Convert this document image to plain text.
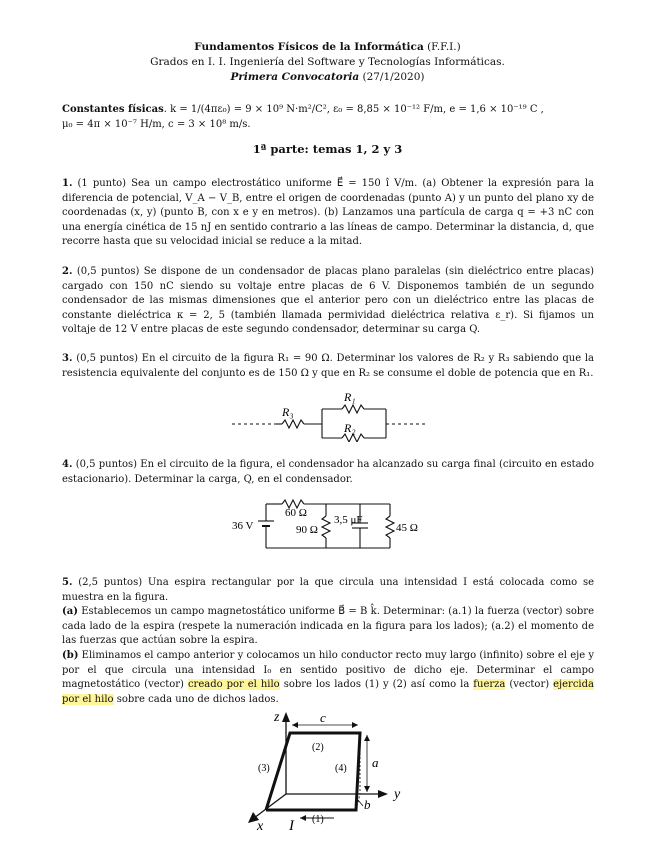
Fundamentos Físicos de la Informática (F.F.I.)
Grados en I. I. Ingeniería del Software y Tecnologías Informáticas.
Primera Convocatoria (27/1/2020)
Constantes físicas. k = 1/(4πε₀) = 9 × 10⁹ N·m²/C², ε₀ = 8,85 × 10⁻¹² F/m, e = 1,6 × 10⁻¹⁹ C ,
μ₀ = 4π × 10⁻⁷ H/m, c = 3 × 10⁸ m/s.
1ª parte: temas 1, 2 y 3
1. (1 punto) Sea un campo electrostático uniforme E⃗ = 150 î V/m. (a) Obtener la expresión para la diferencia de potencial, V_A − V_B, entre el origen de coordenadas (punto A) y un punto del plano xy de coordenadas (x, y) (punto B, con x e y en metros). (b) Lanzamos una partícula de carga q = +3 nC con una energía cinética de 15 nJ en sentido contrario a las líneas de campo. Determinar la distancia, d, que recorre hasta que su velocidad inicial se reduce a la mitad.
2. (0,5 puntos) Se dispone de un condensador de placas plano paralelas (sin dieléctrico entre placas) cargado con 150 nC siendo su voltaje entre placas de 6 V. Disponemos también de un segundo condensador de las mismas dimensiones que el anterior pero con un dieléctrico entre las placas de constante dieléctrica κ = 2, 5 (también llamada permividad dieléctrica relativa ε_r). Si fijamos un voltaje de 12 V entre placas de este segundo condensador, determinar su carga Q.
3. (0,5 puntos) En el circuito de la figura R₁ = 90 Ω. Determinar los valores de R₂ y R₃ sabiendo que la resistencia equivalente del conjunto es de 150 Ω y que en R₂ se consume el doble de potencia que en R₁.
R₃
R₁
R₂
4. (0,5 puntos) En el circuito de la figura, el condensador ha alcanzado su carga final (circuito en estado estacionario). Determinar la carga, Q, en el condensador.
36 V
60 Ω
90 Ω
3,5 μF
45 Ω
5. (2,5 puntos) Una espira rectangular por la que circula una intensidad I está colocada como se muestra en la figura.
(a) Establecemos un campo magnetostático uniforme B⃗ = B k̂. Determinar: (a.1) la fuerza (vector) sobre cada lado de la espira (respete la numeración indicada en la figura para los lados); (a.2) el momento de las fuerzas que actúan sobre la espira.
(b) Eliminamos el campo anterior y colocamos un hilo conductor recto muy largo (infinito) sobre el eje y por el que circula una intensidad I₀ en sentido positivo de dicho eje. Determinar el campo magnetostático (vector) creado por el hilo sobre los lados (1) y (2) así como la fuerza (vector) ejercida por el hilo sobre cada uno de dichos lados.
z
y
x
c
a
b
I (1)
(2)
(3)	(4)
